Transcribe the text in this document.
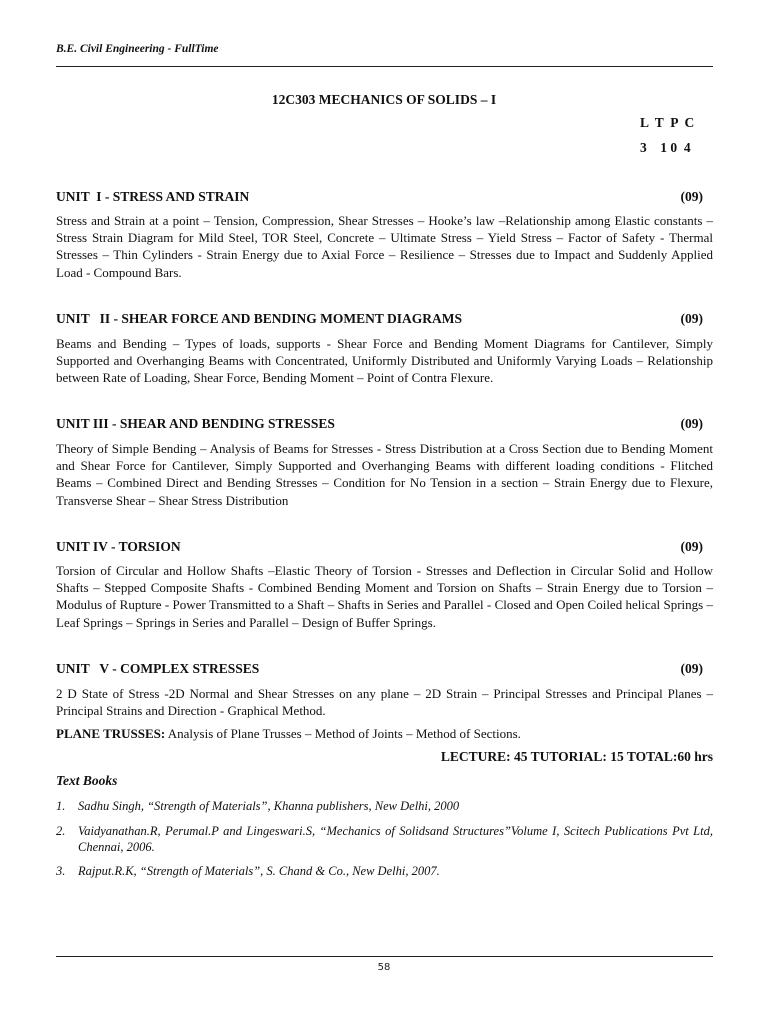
B.E. Civil Engineering - FullTime
12C303 MECHANICS OF SOLIDS – I
L  T  P  C
3    1 0  4
UNIT  I - STRESS AND STRAIN	(09)
Stress and Strain at a point – Tension, Compression, Shear Stresses – Hooke’s law –Relationship among Elastic constants – Stress Strain Diagram for Mild Steel, TOR Steel, Concrete – Ultimate Stress – Yield Stress – Factor of Safety - Thermal Stresses – Thin Cylinders - Strain Energy due to Axial Force – Resilience – Stresses due to Impact and Suddenly Applied Load - Compound Bars.
UNIT   II - SHEAR FORCE AND BENDING MOMENT DIAGRAMS	(09)
Beams and Bending – Types of loads, supports - Shear Force and Bending Moment Diagrams for Cantilever, Simply Supported and Overhanging Beams with Concentrated, Uniformly Distributed and Uniformly Varying Loads – Relationship between Rate of Loading, Shear Force, Bending Moment – Point of Contra Flexure.
UNIT III - SHEAR AND BENDING STRESSES	(09)
Theory of Simple Bending – Analysis of Beams for Stresses - Stress Distribution at a Cross Section due to Bending Moment and Shear Force for Cantilever, Simply Supported and Overhanging Beams with different loading conditions - Flitched Beams – Combined Direct and Bending Stresses – Condition for No Tension in a section – Strain Energy due to Flexure, Transverse Shear – Shear Stress Distribution
UNIT IV - TORSION	(09)
Torsion of Circular and Hollow Shafts –Elastic Theory of Torsion - Stresses and Deflection in Circular Solid and Hollow Shafts – Stepped Composite Shafts - Combined Bending Moment and Torsion on Shafts – Strain Energy due to Torsion –Modulus of Rupture - Power Transmitted to a Shaft – Shafts in Series and Parallel - Closed and Open Coiled helical Springs – Leaf Springs – Springs in Series and Parallel – Design of Buffer Springs.
UNIT   V - COMPLEX STRESSES	(09)
2 D State of Stress -2D Normal and Shear Stresses on any plane – 2D Strain – Principal Stresses and Principal Planes – Principal Strains and Direction - Graphical Method.
PLANE TRUSSES: Analysis of Plane Trusses – Method of Joints – Method of Sections.
LECTURE: 45 TUTORIAL: 15 TOTAL:60 hrs
Text Books
1. Sadhu Singh, “Strength of Materials”, Khanna publishers, New Delhi, 2000
2. Vaidyanathan.R, Perumal.P and Lingeswari.S, “Mechanics of Solidsand Structures”Volume I, Scitech Publications Pvt Ltd, Chennai, 2006.
3. Rajput.R.K, “Strength of Materials”, S. Chand & Co., New Delhi, 2007.
58
